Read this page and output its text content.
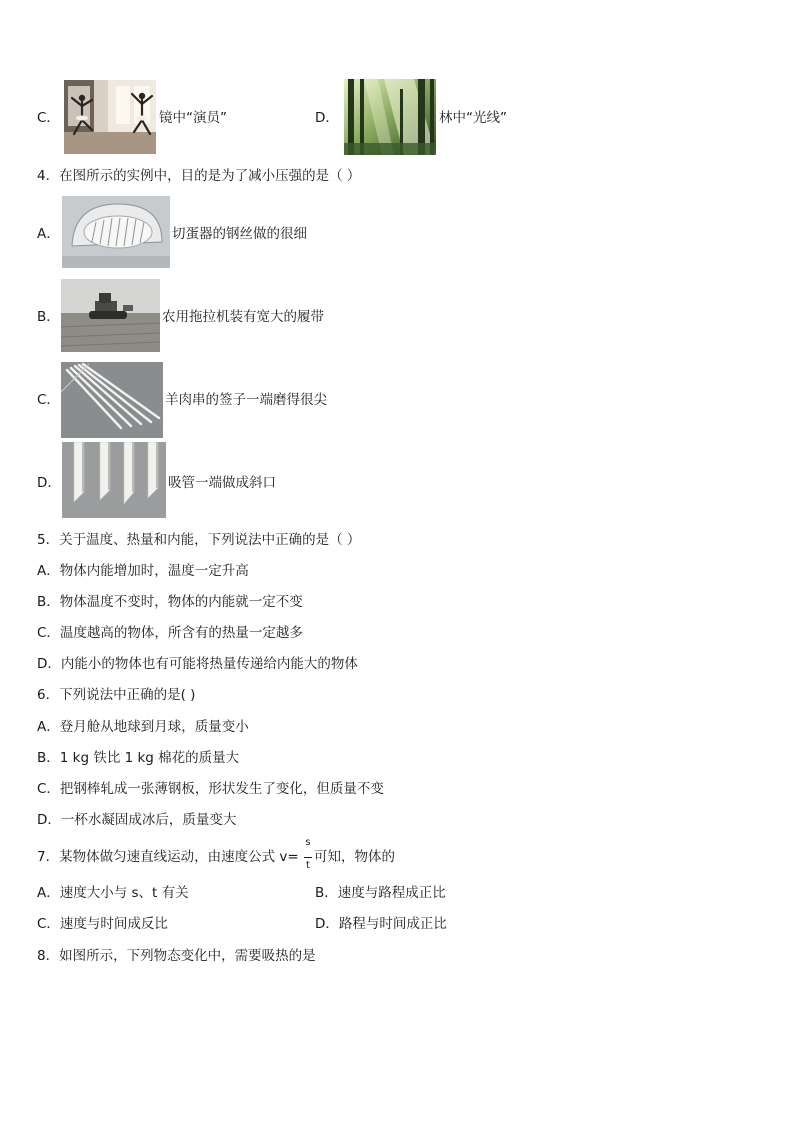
C．	镜中“演员”	D．	林中“光线”
4．在图所示的实例中，目的是为了减小压强的是（ ）
A．	切蛋器的钢丝做的很细
B．	农用拖拉机装有宽大的履带
C．	羊肉串的签子一端磨得很尖
D．	吸管一端做成斜口
5．关于温度、热量和内能，下列说法中正确的是（ ）
A．物体内能增加时，温度一定升高
B．物体温度不变时，物体的内能就一定不变
C．温度越高的物体，所含有的热量一定越多
D．内能小的物体也有可能将热量传递给内能大的物体
6．下列说法中正确的是( )
A．登月舱从地球到月球，质量变小
B．1 kg 铁比 1 kg 棉花的质量大
C．把钢棒轧成一张薄钢板，形状发生了变化，但质量不变
D．一杯水凝固成冰后，质量变大
7．某物体做匀速直线运动，由速度公式 v=
s
t
可知，物体的
A．速度大小与 s、t 有关	B．速度与路程成正比
C．速度与时间成反比	D．路程与时间成正比
8．如图所示，下列物态变化中，需要吸热的是
